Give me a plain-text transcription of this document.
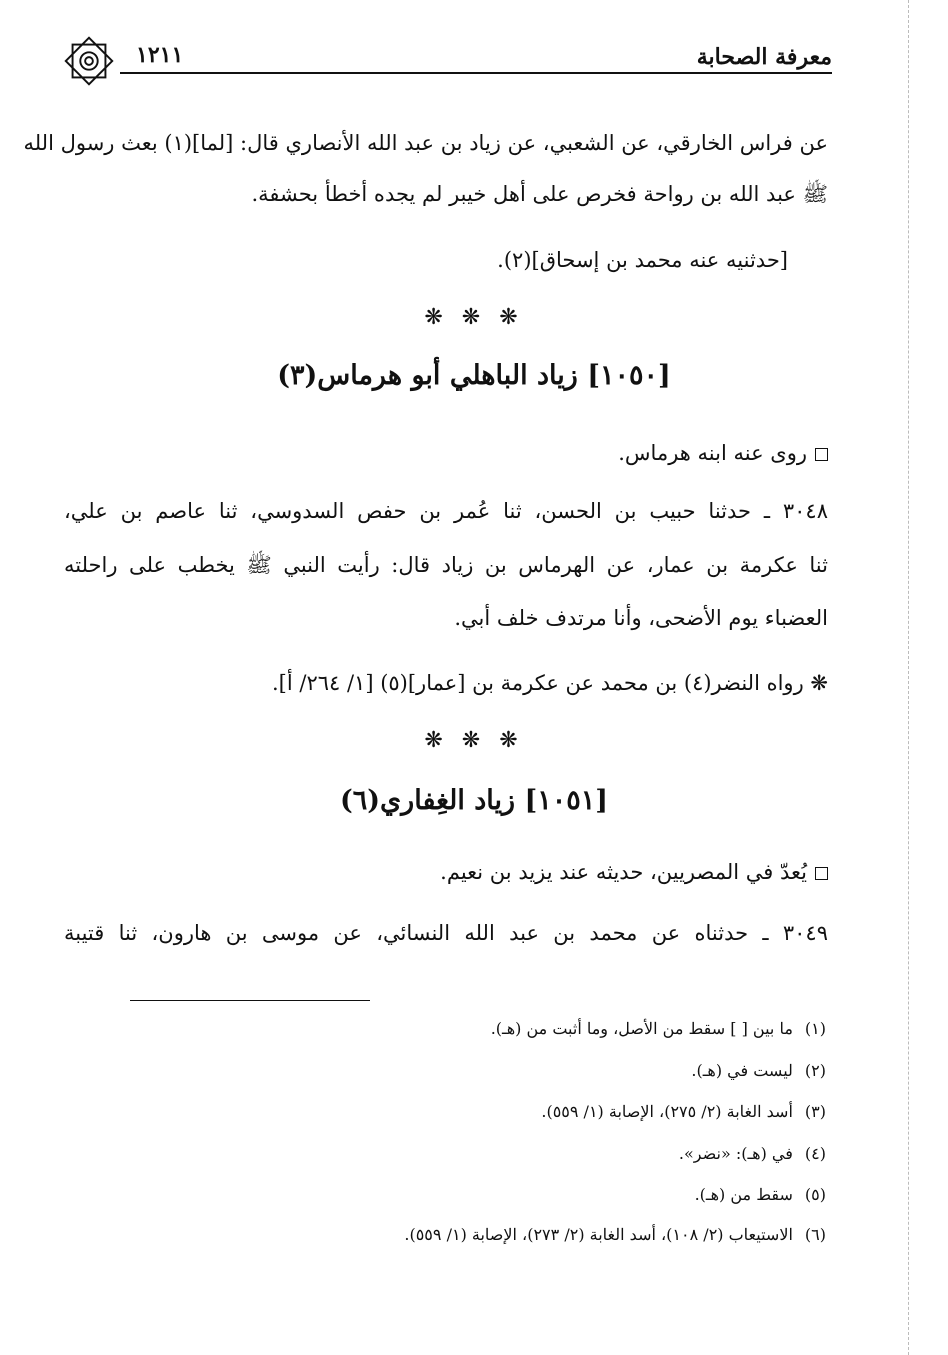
معرفة الصحابة
١٢١١
عن فراس الخارقي، عن الشعبي، عن زياد بن عبد الله الأنصاري قال: [لما](١) بعث رسول الله
ﷺ عبد الله بن رواحة فخرص على أهل خيبر لم يجده أخطأ بحشفة.
[حدثنيه عنه محمد بن إسحاق](٢).
❋ ❋ ❋
[١٠٥٠] زياد الباهلي أبو هرماس(٣)
روى عنه ابنه هرماس.
٣٠٤٨ ـ حدثنا حبيب بن الحسن، ثنا عُمر بن حفص السدوسي، ثنا عاصم بن علي،
ثنا عكرمة بن عمار، عن الهرماس بن زياد قال: رأيت النبي ﷺ يخطب على راحلته
العضباء يوم الأضحى، وأنا مرتدف خلف أبي.
❋ رواه النضر(٤) بن محمد عن عكرمة بن [عمار](٥) [١/ ٢٦٤/ أ].
❋ ❋ ❋
[١٠٥١] زياد الغِفاري(٦)
يُعدّ في المصريين، حديثه عند يزيد بن نعيم.
٣٠٤٩ ـ حدثناه عن محمد بن عبد الله النسائي، عن موسى بن هارون، ثنا قتيبة
(١)ما بين [ ] سقط من الأصل، وما أثبت من (هـ).
(٢)ليست في (هـ).
(٣)أسد الغابة (٢/ ٢٧٥)، الإصابة (١/ ٥٥٩).
(٤)في (هـ): «نضر».
(٥)سقط من (هـ).
(٦)الاستيعاب (٢/ ١٠٨)، أسد الغابة (٢/ ٢٧٣)، الإصابة (١/ ٥٥٩).
